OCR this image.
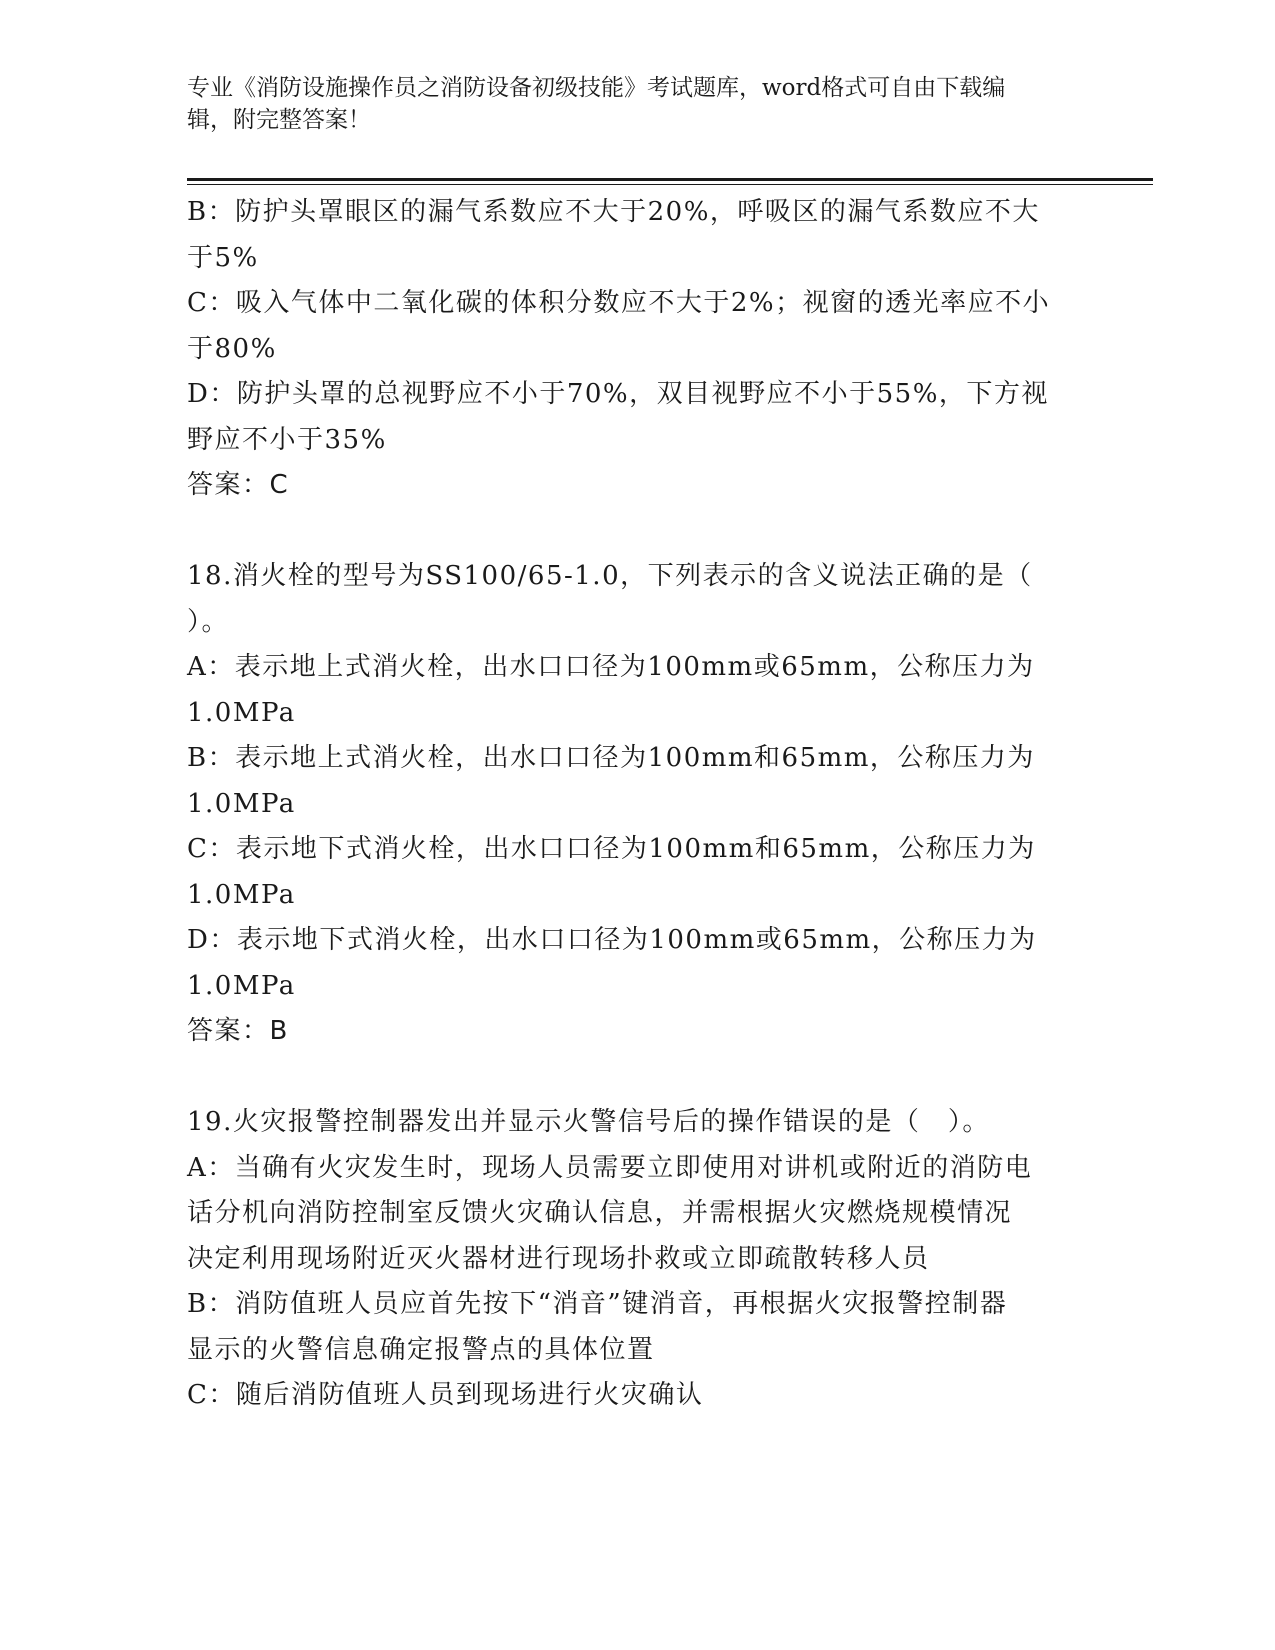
专业《消防设施操作员之消防设备初级技能》考试题库，word格式可自由下载编
辑，附完整答案！
B：防护头罩眼区的漏气系数应不大于20%，呼吸区的漏气系数应不大
于5%
C：吸入气体中二氧化碳的体积分数应不大于2%；视窗的透光率应不小
于80%
D：防护头罩的总视野应不小于70%，双目视野应不小于55%，下方视
野应不小于35%
答案：C
18.消火栓的型号为SS100/65-1.0，下列表示的含义说法正确的是（
）。
A：表示地上式消火栓，出水口口径为100mm或65mm，公称压力为
1.0MPa
B：表示地上式消火栓，出水口口径为100mm和65mm，公称压力为
1.0MPa
C：表示地下式消火栓，出水口口径为100mm和65mm，公称压力为
1.0MPa
D：表示地下式消火栓，出水口口径为100mm或65mm，公称压力为
1.0MPa
答案：B
19.火灾报警控制器发出并显示火警信号后的操作错误的是（　）。
A：当确有火灾发生时，现场人员需要立即使用对讲机或附近的消防电
话分机向消防控制室反馈火灾确认信息，并需根据火灾燃烧规模情况
决定利用现场附近灭火器材进行现场扑救或立即疏散转移人员
B：消防值班人员应首先按下“消音”键消音，再根据火灾报警控制器
显示的火警信息确定报警点的具体位置
C：随后消防值班人员到现场进行火灾确认
